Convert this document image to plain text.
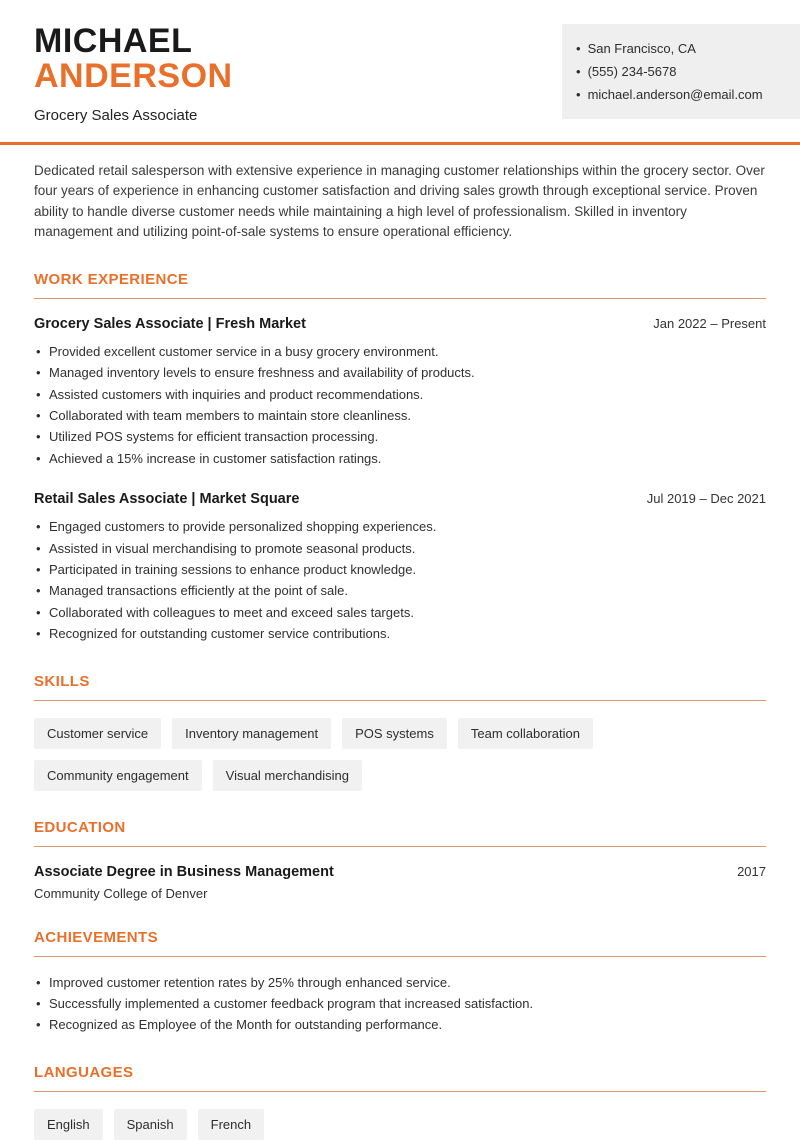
MICHAEL
ANDERSON
Grocery Sales Associate
• San Francisco, CA
• (555) 234-5678
• michael.anderson@email.com

Dedicated retail salesperson with extensive experience in managing customer relationships within the grocery sector. Over four years of experience in enhancing customer satisfaction and driving sales growth through exceptional service. Proven ability to handle diverse customer needs while maintaining a high level of professionalism. Skilled in inventory management and utilizing point-of-sale systems to ensure operational efficiency.

WORK EXPERIENCE
Grocery Sales Associate | Fresh Market	Jan 2022 – Present
• Provided excellent customer service in a busy grocery environment.
• Managed inventory levels to ensure freshness and availability of products.
• Assisted customers with inquiries and product recommendations.
• Collaborated with team members to maintain store cleanliness.
• Utilized POS systems for efficient transaction processing.
• Achieved a 15% increase in customer satisfaction ratings.
Retail Sales Associate | Market Square	Jul 2019 – Dec 2021
• Engaged customers to provide personalized shopping experiences.
• Assisted in visual merchandising to promote seasonal products.
• Participated in training sessions to enhance product knowledge.
• Managed transactions efficiently at the point of sale.
• Collaborated with colleagues to meet and exceed sales targets.
• Recognized for outstanding customer service contributions.
SKILLS
Customer service	Inventory management	POS systems	Team collaboration
Community engagement	Visual merchandising
EDUCATION
Associate Degree in Business Management	2017
Community College of Denver
ACHIEVEMENTS
• Improved customer retention rates by 25% through enhanced service.
• Successfully implemented a customer feedback program that increased satisfaction.
• Recognized as Employee of the Month for outstanding performance.
LANGUAGES
English	Spanish	French
